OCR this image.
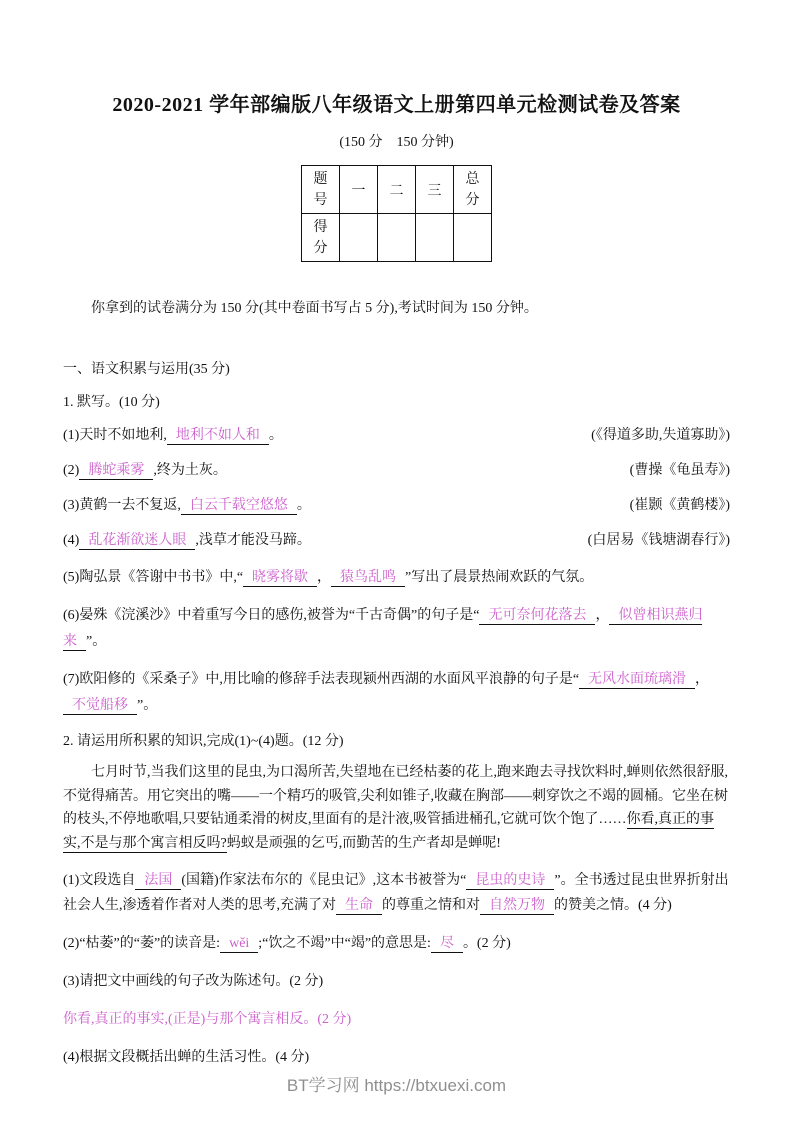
2020-2021 学年部编版八年级语文上册第四单元检测试卷及答案
(150 分　150 分钟)
题号	一	二	三	总分

得分				

你拿到的试卷满分为 150 分(其中卷面书写占 5 分),考试时间为 150 分钟。

一、语文积累与运用(35 分)
1. 默写。(10 分)
(1)天时不如地利, 地利不如人和 。	(《得道多助,失道寡助》)
(2) 腾蛇乘雾 ,终为土灰。	(曹操《龟虽寿》)
(3)黄鹤一去不复返, 白云千载空悠悠 。	(崔颢《黄鹤楼》)
(4) 乱花渐欲迷人眼 ,浅草才能没马蹄。	(白居易《钱塘湖春行》)
(5)陶弘景《答谢中书书》中,“ 晓雾将歇 ， 猿鸟乱鸣 ”写出了晨景热闹欢跃的气氛。
(6)晏殊《浣溪沙》中着重写今日的感伤,被誉为“千古奇偶”的句子是“ 无可奈何花落去 ， 似曾相识燕归来 ”。
(7)欧阳修的《采桑子》中,用比喻的修辞手法表现颍州西湖的水面风平浪静的句子是“ 无风水面琉璃滑 ，不觉船移 ”。
2. 请运用所积累的知识,完成(1)~(4)题。(12 分)

七月时节,当我们这里的昆虫,为口渴所苦,失望地在已经枯萎的花上,跑来跑去寻找饮料时,蝉则依然很舒服,不觉得痛苦。用它突出的嘴——一个精巧的吸管,尖利如锥子,收藏在胸部——刺穿饮之不竭的圆桶。它坐在树的枝头,不停地歌唱,只要钻通柔滑的树皮,里面有的是汁液,吸管插进桶孔,它就可饮个饱了……你看,真正的事实,不是与那个寓言相反吗?蚂蚁是顽强的乞丐,而勤苦的生产者却是蝉呢!

(1)文段选自 法国 (国籍)作家法布尔的《昆虫记》,这本书被誉为“ 昆虫的史诗 ”。全书透过昆虫世界折射出社会人生,渗透着作者对人类的思考,充满了对 生命 的尊重之情和对 自然万物 的赞美之情。(4 分)
(2)“枯萎”的“萎”的读音是: wěi ;“饮之不竭”中“竭”的意思是: 尽 。(2 分)
(3)请把文中画线的句子改为陈述句。(2 分)
你看,真正的事实,(正是)与那个寓言相反。(2 分)
(4)根据文段概括出蝉的生活习性。(4 分)
BT学习网 https://btxuexi.com
